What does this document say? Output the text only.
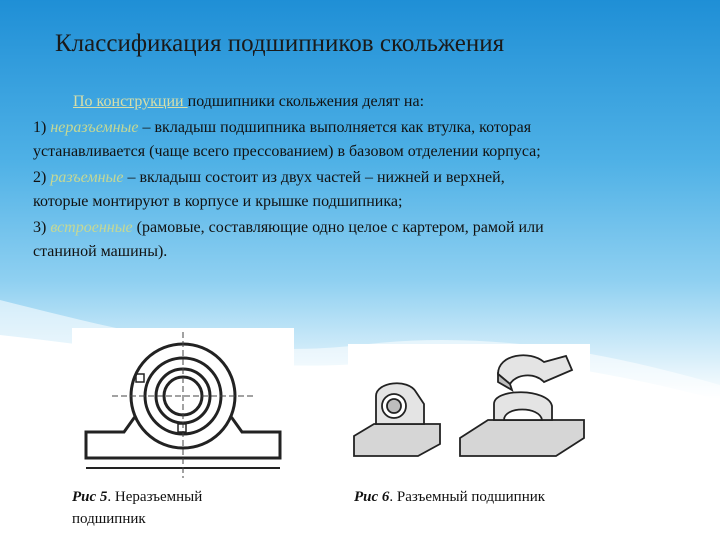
Классификация подшипников скольжения

По конструкции подшипники скольжения делят на:

1) неразъемные – вкладыш подшипника выполняется как втулка, которая устанавливается (чаще всего прессованием) в базовом отделении корпуса;

2) разъемные – вкладыш состоит из двух частей – нижней и верхней, которые монтируют в корпусе и крышке подшипника;

3) встроенные (рамовые, составляющие одно целое с картером, рамой или станиной машины).

Рис 5. Неразъемный подшипник
Рис 6. Разъемный подшипник
